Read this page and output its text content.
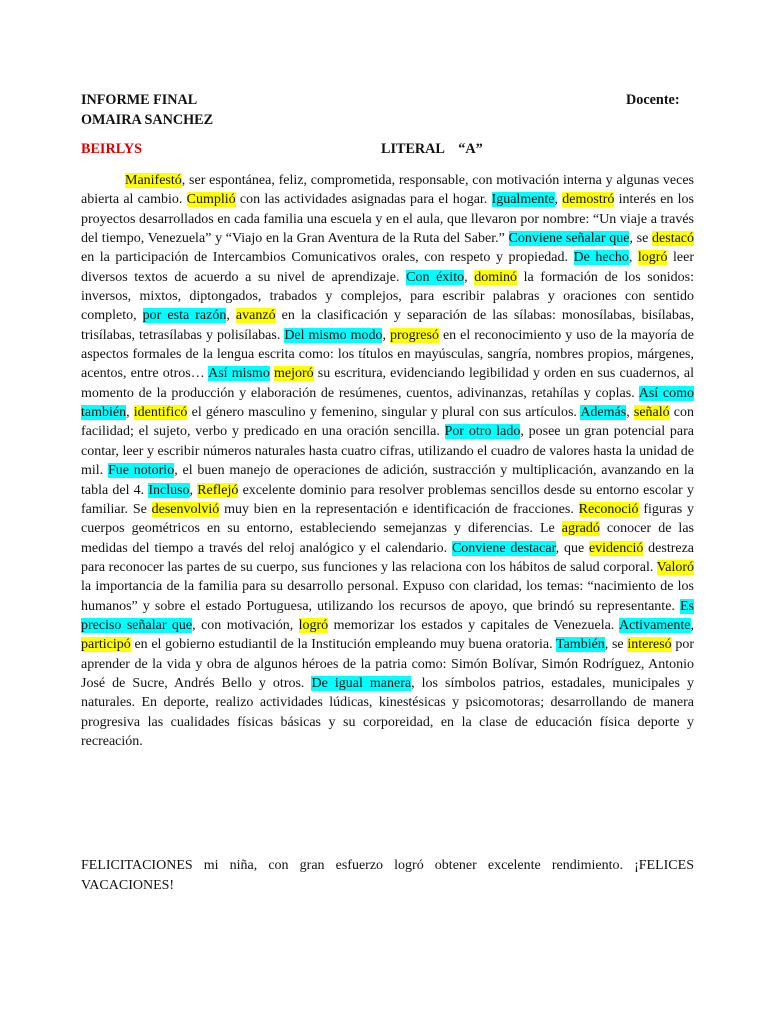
INFORME FINAL	Docente:
OMAIRA SANCHEZ
BEIRLYS	LITERAL    “A”

Manifestó, ser espontánea, feliz, comprometida, responsable, con motivación interna y algunas veces abierta al cambio. Cumplió con las actividades asignadas para el hogar. Igualmente, demostró interés en los proyectos desarrollados en cada familia una escuela y en el aula, que llevaron por nombre: “Un viaje a través del tiempo, Venezuela” y “Viajo en la Gran Aventura de la Ruta del Saber.” Conviene señalar que, se destacó en la participación de Intercambios Comunicativos orales, con respeto y propiedad. De hecho, logró leer diversos textos de acuerdo a su nivel de aprendizaje. Con éxito, dominó la formación de los sonidos: inversos, mixtos, diptongados, trabados y complejos, para escribir palabras y oraciones con sentido completo, por esta razón, avanzó en la clasificación y separación de las sílabas: monosílabas, bisílabas, trisílabas, tetrasílabas y polisílabas. Del mismo modo, progresó en el reconocimiento y uso de la mayoría de aspectos formales de la lengua escrita como: los títulos en mayúsculas, sangría, nombres propios, márgenes, acentos, entre otros… Así mismo mejoró su escritura, evidenciando legibilidad y orden en sus cuadernos, al momento de la producción y elaboración de resúmenes, cuentos, adivinanzas, retahílas y coplas. Así como también, identificó el género masculino y femenino, singular y plural con sus artículos. Además, señaló con facilidad; el sujeto, verbo y predicado en una oración sencilla. Por otro lado, posee un gran potencial para contar, leer y escribir números naturales hasta cuatro cifras, utilizando el cuadro de valores hasta la unidad de mil. Fue notorio, el buen manejo de operaciones de adición, sustracción y multiplicación, avanzando en la tabla del 4. Incluso, Reflejó excelente dominio para resolver problemas sencillos desde su entorno escolar y familiar. Se desenvolvió muy bien en la representación e identificación de fracciones. Reconoció figuras y cuerpos geométricos en su entorno, estableciendo semejanzas y diferencias. Le agradó conocer de las medidas del tiempo a través del reloj analógico y el calendario. Conviene destacar, que evidenció destreza para reconocer las partes de su cuerpo, sus funciones y las relaciona con los hábitos de salud corporal. Valoró la importancia de la familia para su desarrollo personal. Expuso con claridad, los temas: “nacimiento de los humanos” y sobre el estado Portuguesa, utilizando los recursos de apoyo, que brindó su representante. Es preciso señalar que, con motivación, logró memorizar los estados y capitales de Venezuela. Activamente, participó en el gobierno estudiantil de la Institución empleando muy buena oratoria. También, se interesó por aprender de la vida y obra de algunos héroes de la patria como: Simón Bolívar, Simón Rodríguez, Antonio José de Sucre, Andrés Bello y otros. De igual manera, los símbolos patrios, estadales, municipales y naturales. En deporte, realizo actividades lúdicas, kinestésicas y psicomotoras; desarrollando de manera progresiva las cualidades físicas básicas y su corporeidad, en la clase de educación física deporte y recreación.

FELICITACIONES mi niña, con gran esfuerzo logró obtener excelente rendimiento. ¡FELICES VACACIONES!
